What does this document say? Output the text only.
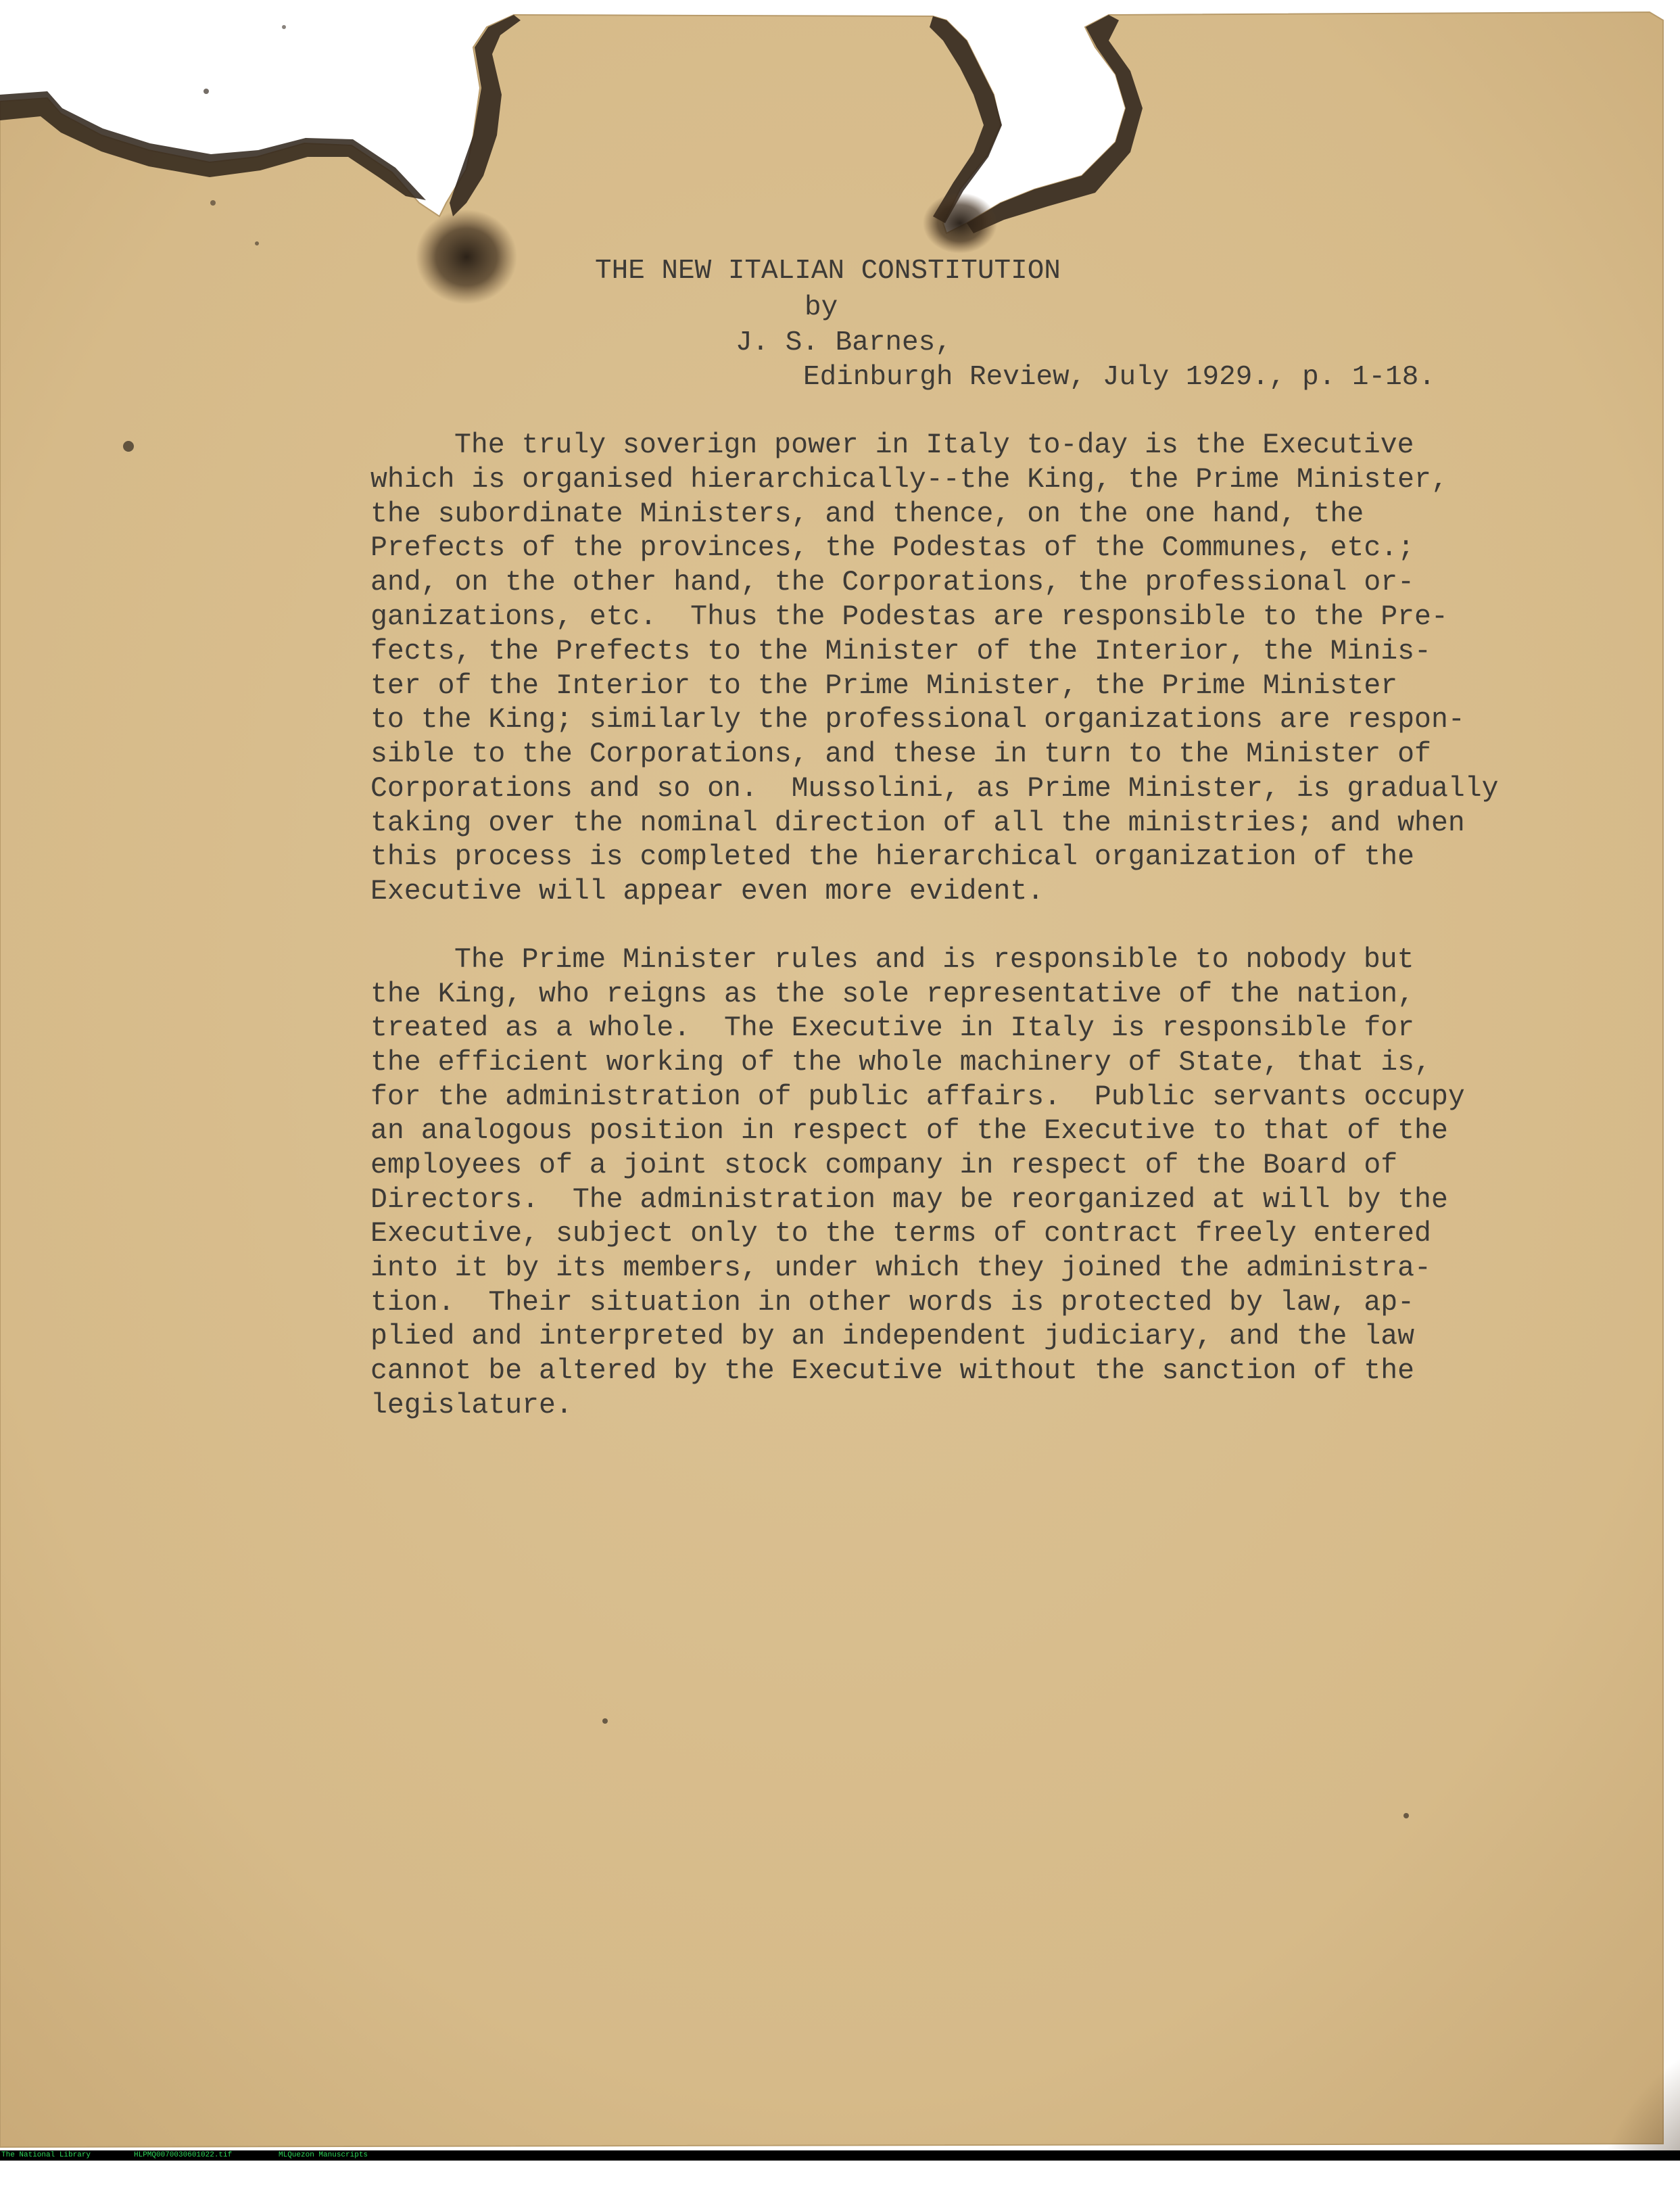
THE NEW ITALIAN CONSTITUTION
by
J. S. Barnes,
Edinburgh Review, July 1929., p. 1-18.
The truly soverign power in Italy to-day is the Executive
which is organised hierarchically--the King, the Prime Minister,
the subordinate Ministers, and thence, on the one hand, the
Prefects of the provinces, the Podestas of the Communes, etc.;
and, on the other hand, the Corporations, the professional or-
ganizations, etc.  Thus the Podestas are responsible to the Pre-
fects, the Prefects to the Minister of the Interior, the Minis-
ter of the Interior to the Prime Minister, the Prime Minister
to the King; similarly the professional organizations are respon-
sible to the Corporations, and these in turn to the Minister of
Corporations and so on.  Mussolini, as Prime Minister, is gradually
taking over the nominal direction of all the ministries; and when
this process is completed the hierarchical organization of the
Executive will appear even more evident.
The Prime Minister rules and is responsible to nobody but
the King, who reigns as the sole representative of the nation,
treated as a whole.  The Executive in Italy is responsible for
the efficient working of the whole machinery of State, that is,
for the administration of public affairs.  Public servants occupy
an analogous position in respect of the Executive to that of the
employees of a joint stock company in respect of the Board of
Directors.  The administration may be reorganized at will by the
Executive, subject only to the terms of contract freely entered
into it by its members, under which they joined the administra-
tion.  Their situation in other words is protected by law, ap-
plied and interpreted by an independent judiciary, and the law
cannot be altered by the Executive without the sanction of the
legislature.

The National Library

	HLPMQ0070030601022.tif

	MLQuezon Manuscripts
